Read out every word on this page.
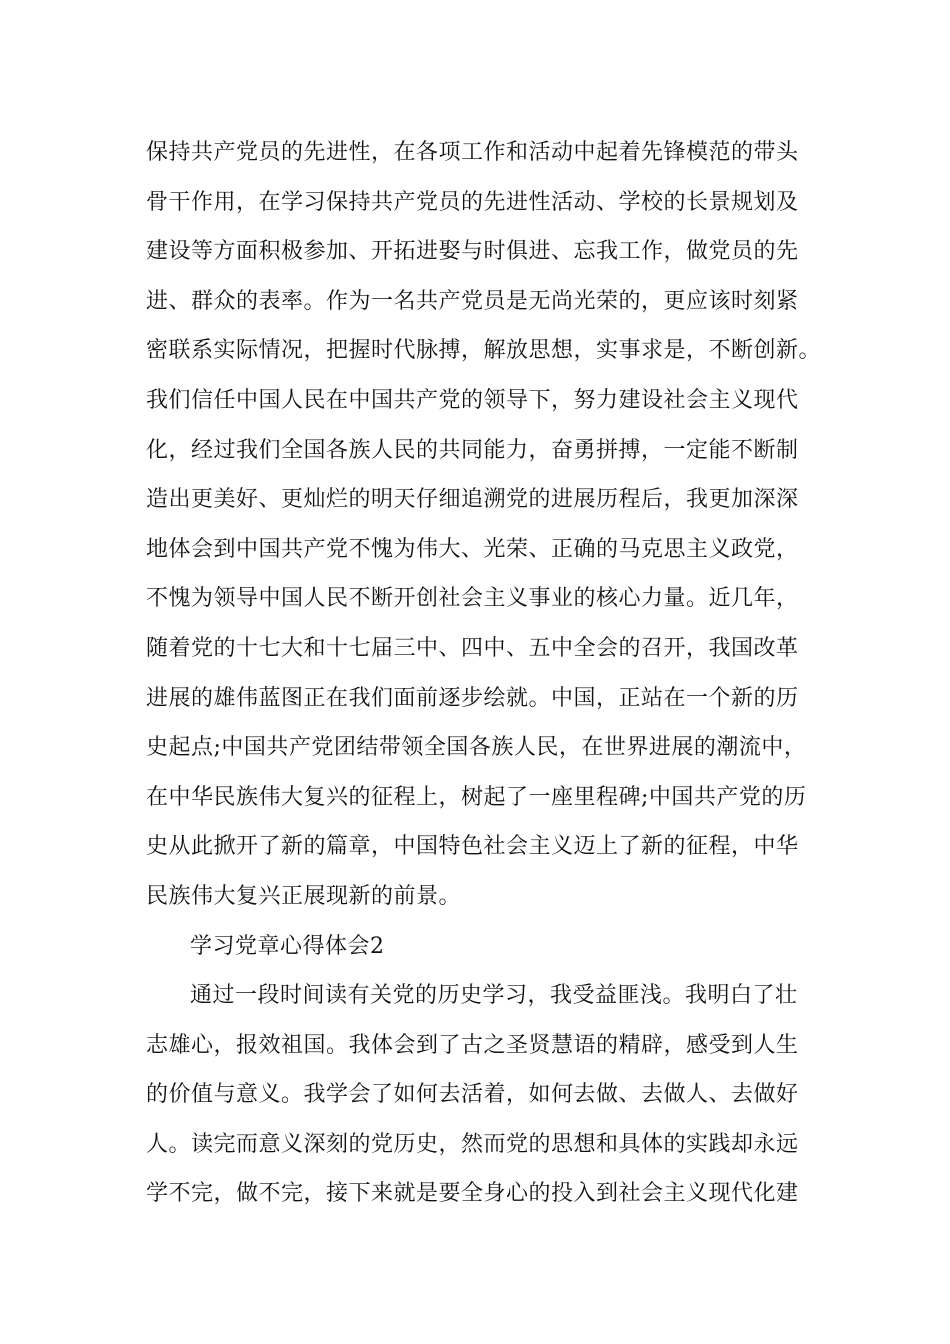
保持共产党员的先进性，在各项工作和活动中起着先锋模范的带头
骨干作用，在学习保持共产党员的先进性活动、学校的长景规划及
建设等方面积极参加、开拓进娶与时俱进、忘我工作，做党员的先
进、群众的表率。作为一名共产党员是无尚光荣的，更应该时刻紧
密联系实际情况，把握时代脉搏，解放思想，实事求是，不断创新。
我们信任中国人民在中国共产党的领导下，努力建设社会主义现代
化，经过我们全国各族人民的共同能力，奋勇拼搏，一定能不断制
造出更美好、更灿烂的明天仔细追溯党的进展历程后，我更加深深
地体会到中国共产党不愧为伟大、光荣、正确的马克思主义政党，
不愧为领导中国人民不断开创社会主义事业的核心力量。近几年，
随着党的十七大和十七届三中、四中、五中全会的召开，我国改革
进展的雄伟蓝图正在我们面前逐步绘就。中国，正站在一个新的历
史起点;中国共产党团结带领全国各族人民，在世界进展的潮流中，
在中华民族伟大复兴的征程上，树起了一座里程碑;中国共产党的历
史从此掀开了新的篇章，中国特色社会主义迈上了新的征程，中华
民族伟大复兴正展现新的前景。
学习党章心得体会2
通过一段时间读有关党的历史学习，我受益匪浅。我明白了壮
志雄心，报效祖国。我体会到了古之圣贤慧语的精辟，感受到人生
的价值与意义。我学会了如何去活着，如何去做、去做人、去做好
人。读完而意义深刻的党历史，然而党的思想和具体的实践却永远
学不完，做不完，接下来就是要全身心的投入到社会主义现代化建
